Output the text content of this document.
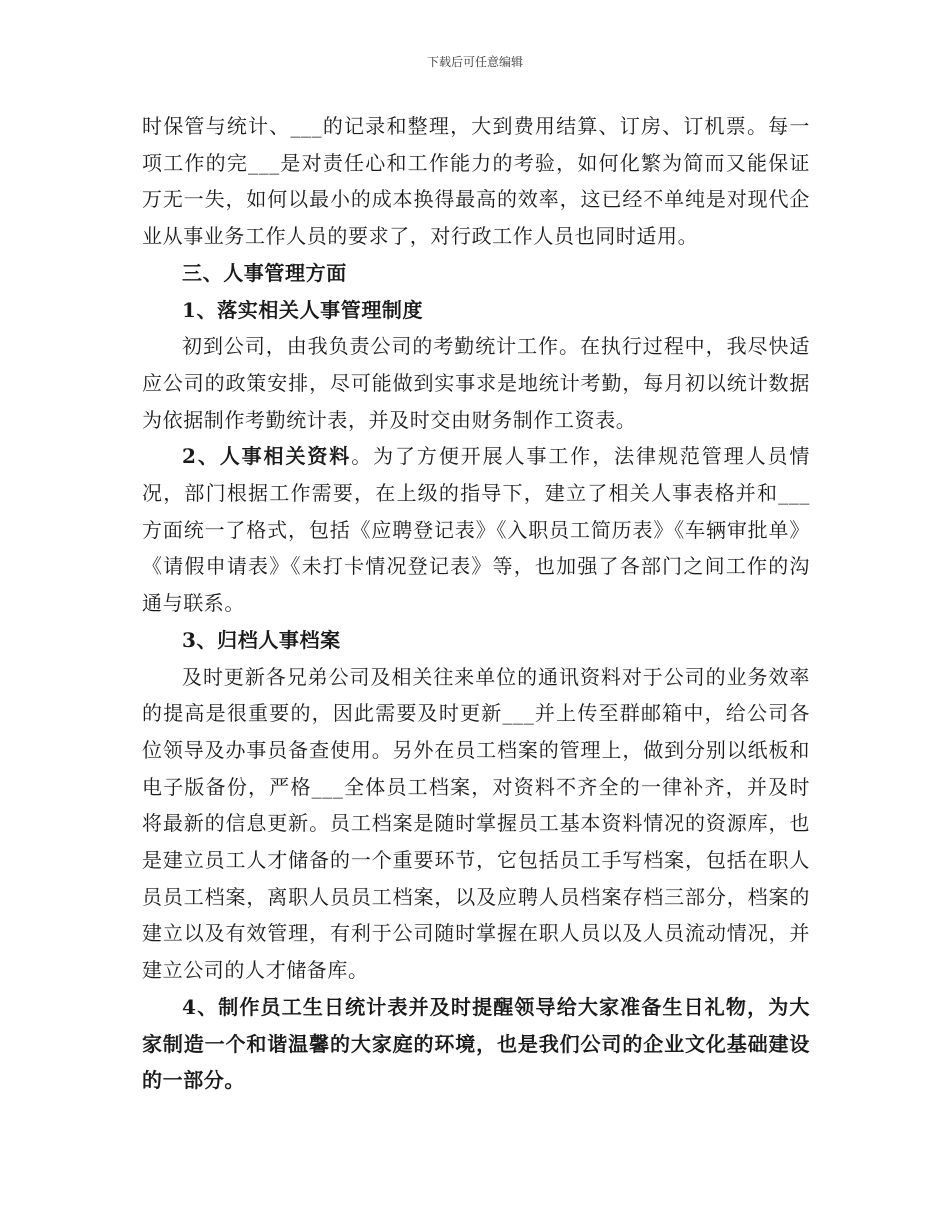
下载后可任意编辑

时保管与统计、___的记录和整理，大到费用结算、订房、订机票。每一项工作的完___是对责任心和工作能力的考验，如何化繁为简而又能保证万无一失，如何以最小的成本换得最高的效率，这已经不单纯是对现代企业从事业务工作人员的要求了，对行政工作人员也同时适用。

三、人事管理方面

1、落实相关人事管理制度

初到公司，由我负责公司的考勤统计工作。在执行过程中，我尽快适应公司的政策安排，尽可能做到实事求是地统计考勤，每月初以统计数据为依据制作考勤统计表，并及时交由财务制作工资表。

2、人事相关资料。为了方便开展人事工作，法律规范管理人员情况，部门根据工作需要，在上级的指导下，建立了相关人事表格并和___方面统一了格式，包括《应聘登记表》《入职员工简历表》《车辆审批单》《请假申请表》《未打卡情况登记表》等，也加强了各部门之间工作的沟通与联系。

3、归档人事档案

及时更新各兄弟公司及相关往来单位的通讯资料对于公司的业务效率的提高是很重要的，因此需要及时更新___并上传至群邮箱中，给公司各位领导及办事员备查使用。另外在员工档案的管理上，做到分别以纸板和电子版备份，严格___全体员工档案，对资料不齐全的一律补齐，并及时将最新的信息更新。员工档案是随时掌握员工基本资料情况的资源库，也是建立员工人才储备的一个重要环节，它包括员工手写档案，包括在职人员员工档案，离职人员员工档案，以及应聘人员档案存档三部分，档案的建立以及有效管理，有利于公司随时掌握在职人员以及人员流动情况，并建立公司的人才储备库。

4、制作员工生日统计表并及时提醒领导给大家准备生日礼物，为大家制造一个和谐温馨的大家庭的环境，也是我们公司的企业文化基础建设的一部分。
